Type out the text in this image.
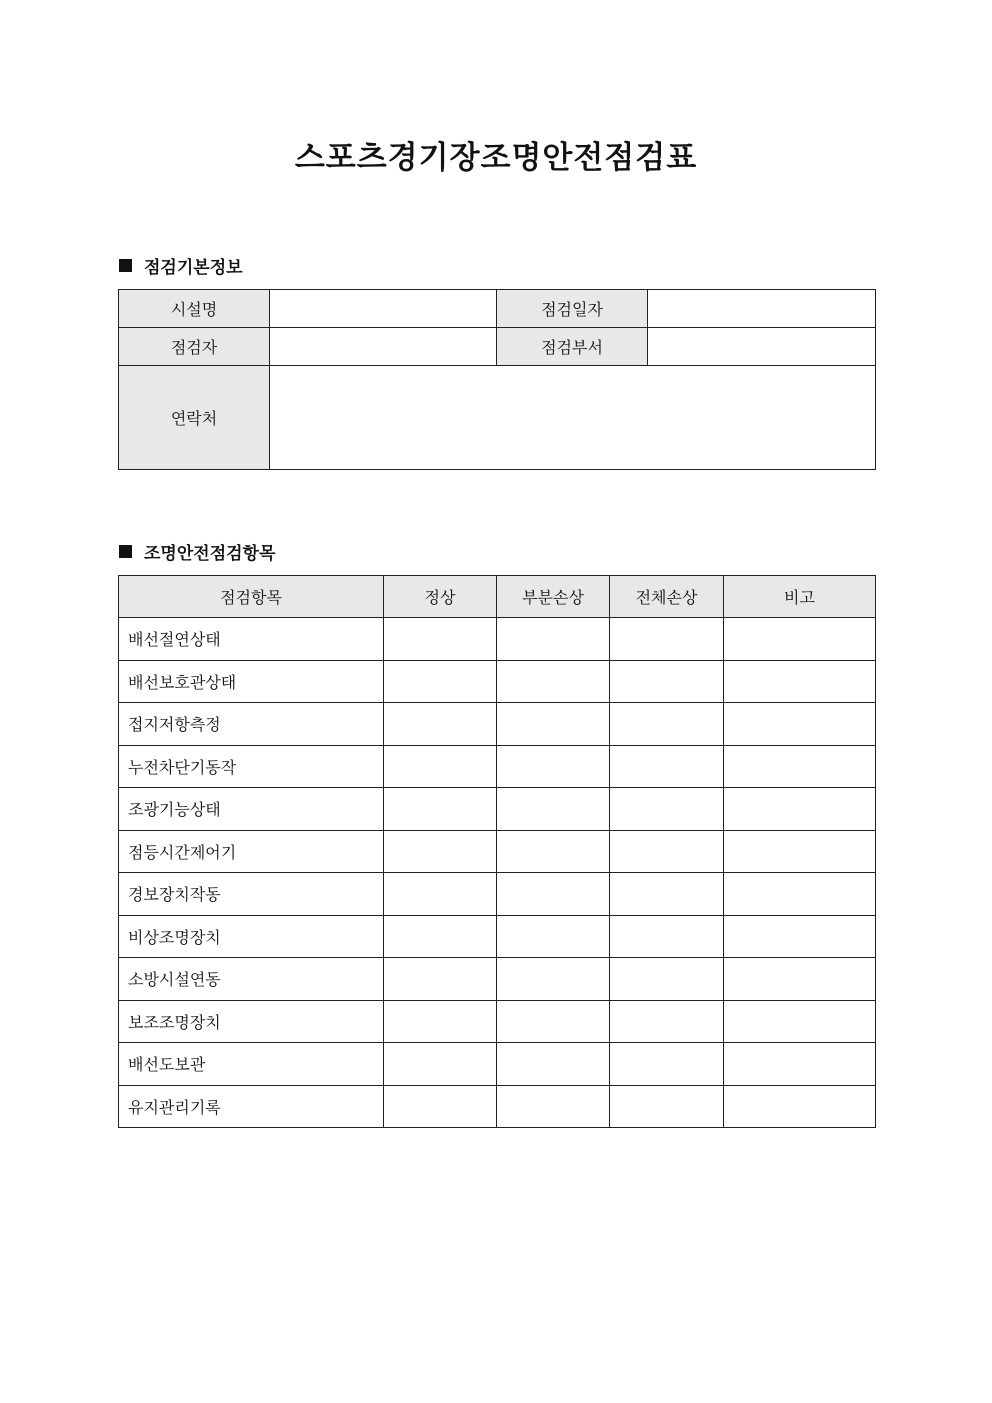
스포츠경기장조명안전점검표
점검기본정보
시설명		점검일자	
점검자		점검부서	
연락처			
조명안전점검항목
점검항목	정상	부분손상	전체손상	비고
배선절연상태				
배선보호관상태				
접지저항측정				
누전차단기동작				
조광기능상태				
점등시간제어기				
경보장치작동				
비상조명장치				
소방시설연동				
보조조명장치				
배선도보관				
유지관리기록				
